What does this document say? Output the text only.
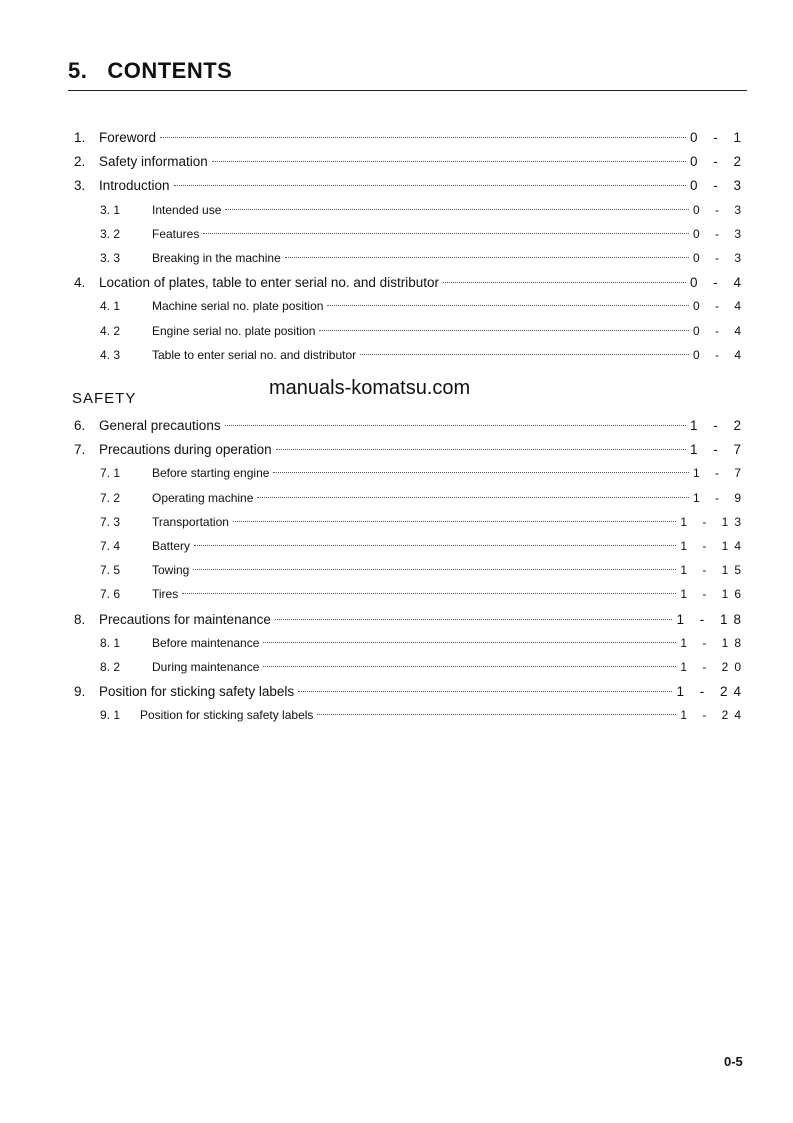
5. CONTENTS
1.	Foreword	0 - 1
2.	Safety information	0 - 2
3.	Introduction	0 - 3
3. 1	Intended use	0 - 3
3. 2	Features	0 - 3
3. 3	Breaking in the machine	0 - 3
4.	Location of plates, table to enter serial no. and distributor	0 - 4
4. 1	Machine serial no. plate position	0 - 4
4. 2	Engine serial no. plate position	0 - 4
4. 3	Table to enter serial no. and distributor	0 - 4
6.	General precautions	1 - 2
7.	Precautions during operation	1 - 7
7. 1	Before starting engine	1 - 7
7. 2	Operating machine	1 - 9
7. 3	Transportation	1 - 13
7. 4	Battery	1 - 14
7. 5	Towing	1 - 15
7. 6	Tires	1 - 16
8.	Precautions for maintenance	1 - 18
8. 1	Before maintenance	1 - 18
8. 2	During maintenance	1 - 20
9.	Position for sticking safety labels	1 - 24
9. 1	Position for sticking safety labels	1 - 24
SAFETY	manuals-komatsu.com
0-5
